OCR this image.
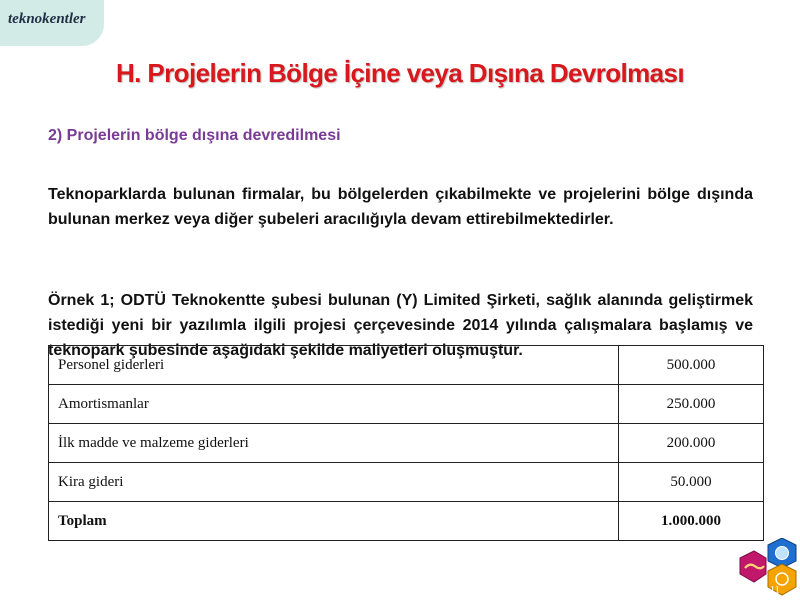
teknokentler
H. Projelerin Bölge İçine veya Dışına Devrolması
2) Projelerin bölge dışına devredilmesi
Teknoparklarda bulunan firmalar, bu bölgelerden çıkabilmekte ve projelerini bölge dışında bulunan merkez veya diğer şubeleri aracılığıyla devam ettirebilmektedirler.
Örnek 1; ODTÜ Teknokentte şubesi bulunan (Y) Limited Şirketi, sağlık alanında geliştirmek istediği yeni bir yazılımla ilgili projesi çerçevesinde 2014 yılında çalışmalara başlamış ve teknopark şubesinde aşağıdaki şekilde maliyetleri oluşmuştur.
Personel giderleri	500.000
Amortismanlar	250.000
İlk madde ve malzeme giderleri	200.000
Kira gideri	50.000
Toplam	1.000.000
11
